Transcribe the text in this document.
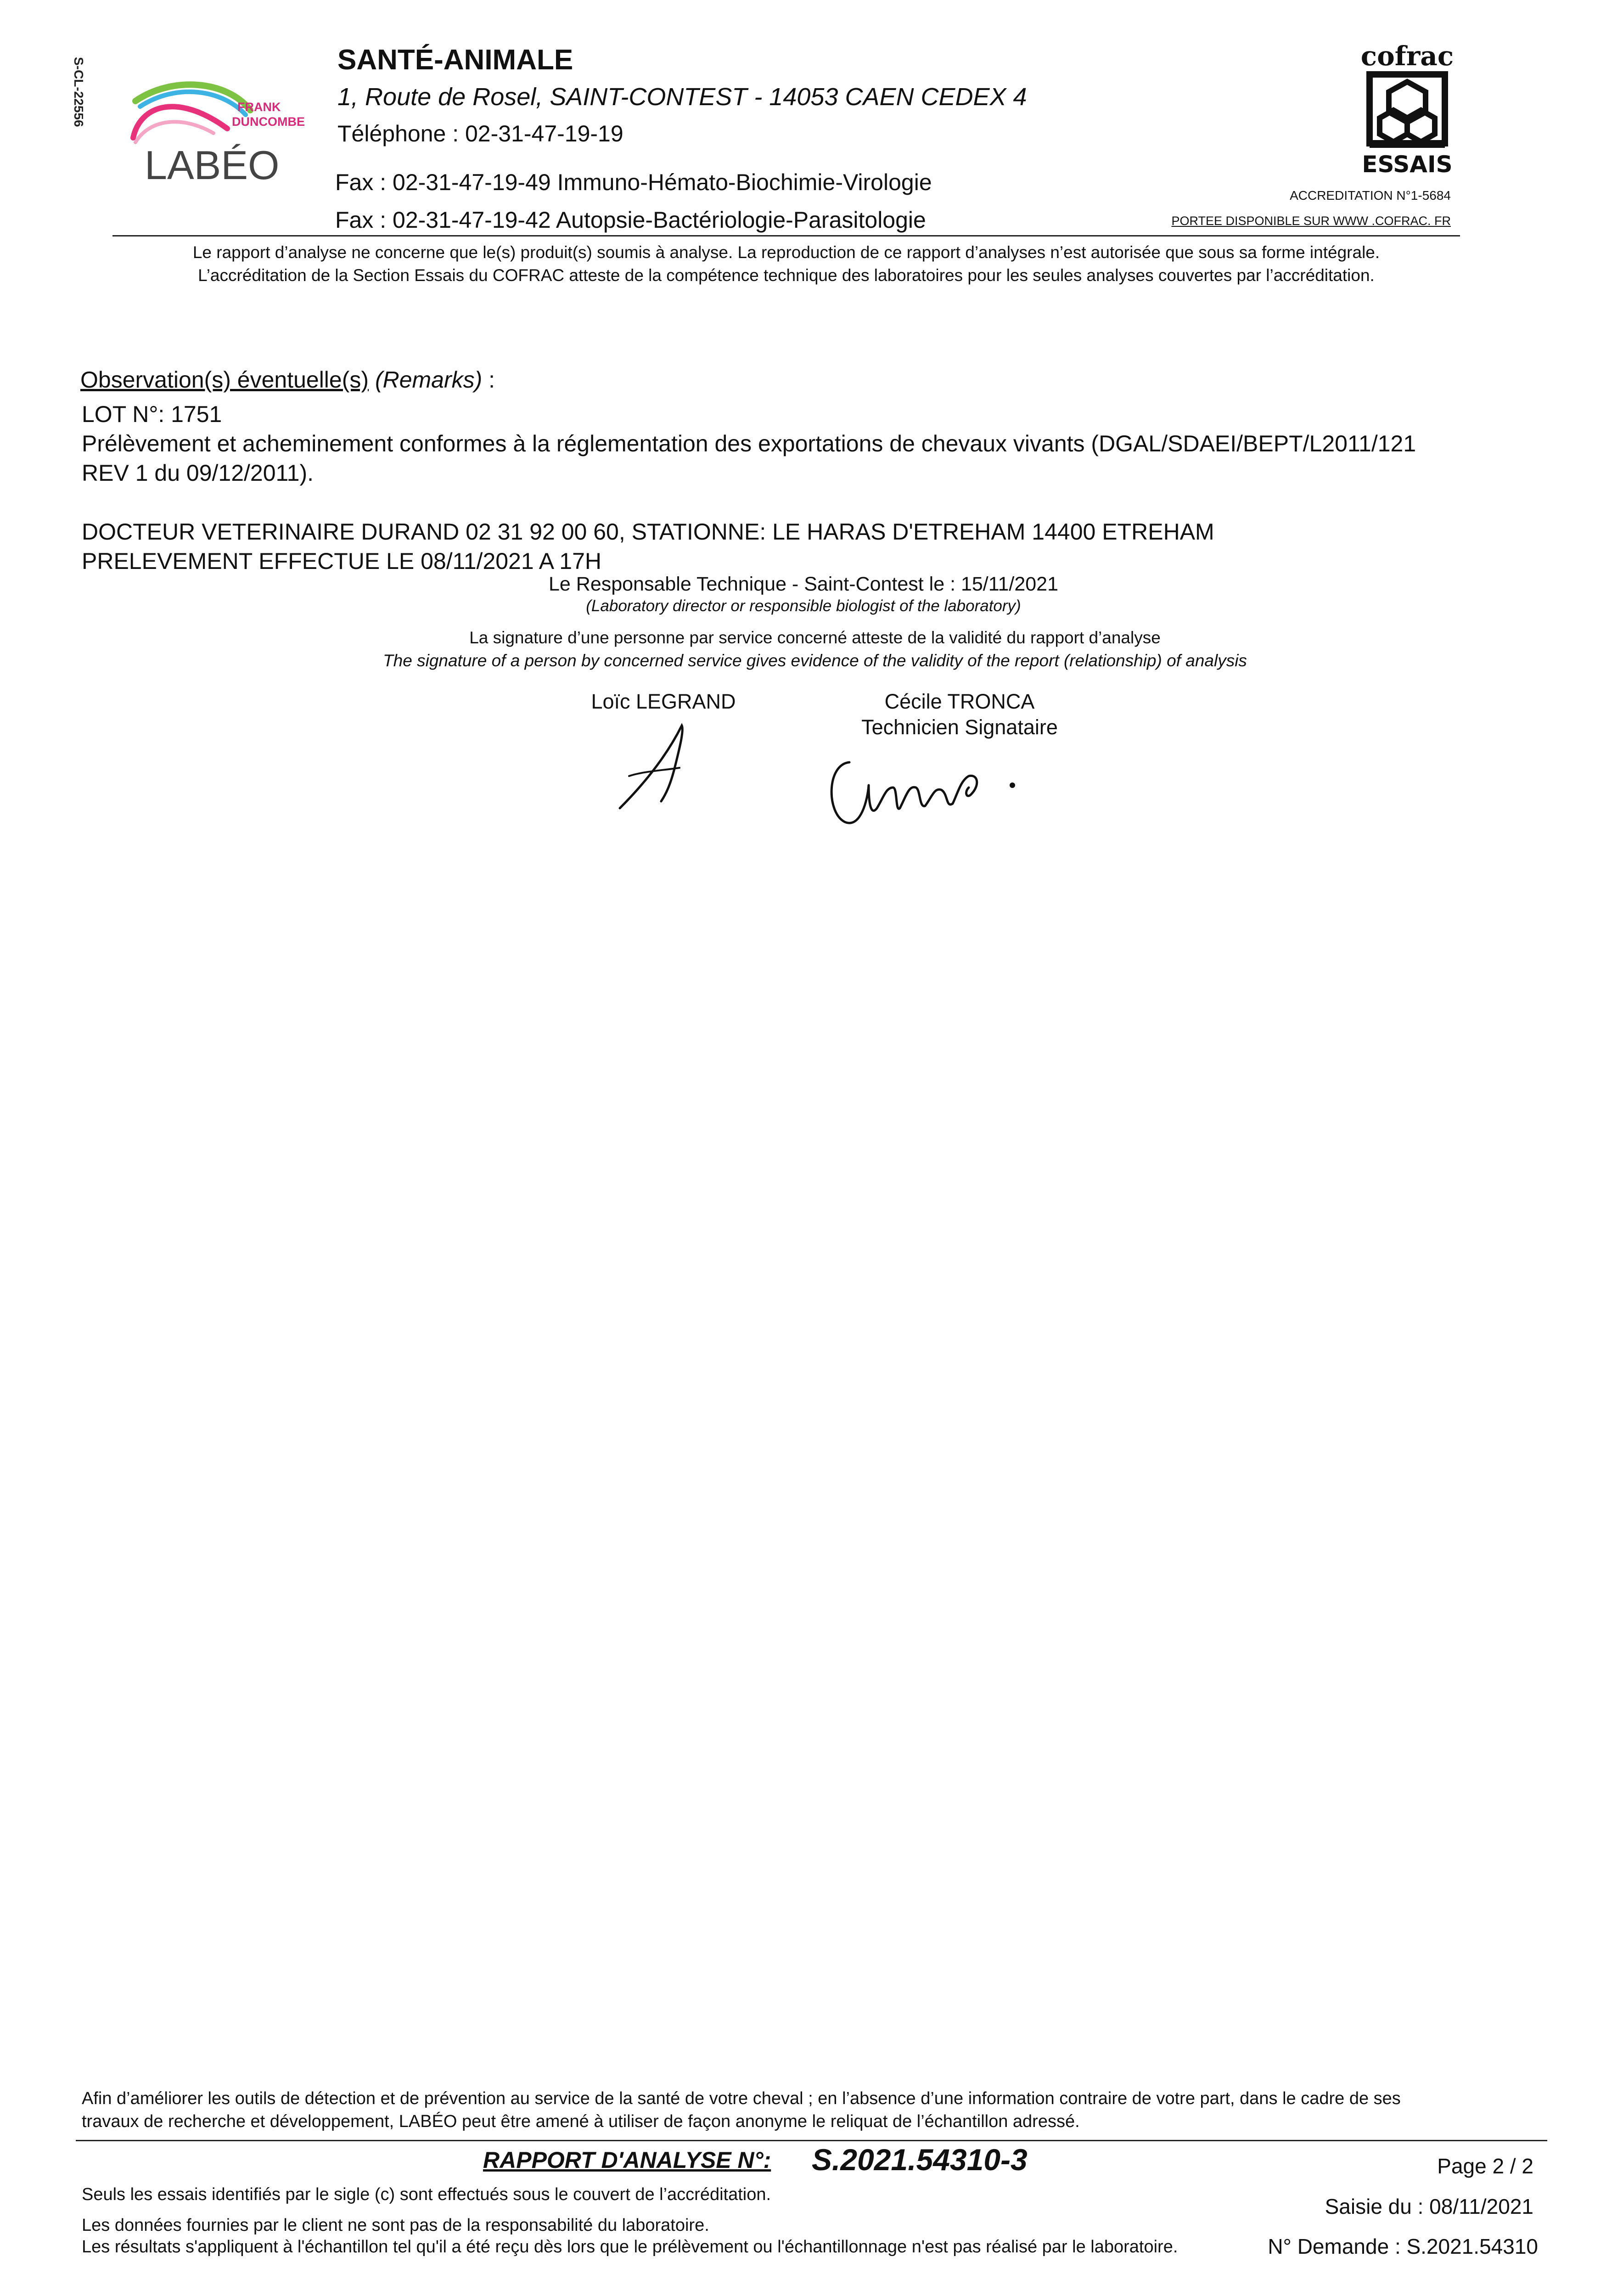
S-CL-22556	FRANK
DUNCOMBE
LABÉO
SANTÉ-ANIMALE
1, Route de Rosel, SAINT-CONTEST - 14053 CAEN CEDEX 4
Téléphone : 02-31-47-19-19
Fax : 02-31-47-19-49 Immuno-Hémato-Biochimie-Virologie
Fax : 02-31-47-19-42 Autopsie-Bactériologie-Parasitologie
cofrac
ESSAIS
ACCREDITATION N°1-5684
PORTEE DISPONIBLE SUR WWW .COFRAC. FR
Le rapport d’analyse ne concerne que le(s) produit(s) soumis à analyse. La reproduction de ce rapport d’analyses n’est autorisée que sous sa forme intégrale.
L’accréditation de la Section Essais du COFRAC atteste de la compétence technique des laboratoires pour les seules analyses couvertes par l’accréditation.
Observation(s) éventuelle(s) (Remarks) :

LOT N°: 1751

Prélèvement et acheminement conformes à la réglementation des exportations de chevaux vivants (DGAL/SDAEI/BEPT/L2011/121

REV 1 du 09/12/2011).

DOCTEUR VETERINAIRE DURAND 02 31 92 00 60, STATIONNE: LE HARAS D'ETREHAM 14400 ETREHAM

PRELEVEMENT EFFECTUE LE 08/11/2021 A 17H

Le Responsable Technique - Saint-Contest le : 15/11/2021
(Laboratory director or responsible biologist of the laboratory)
La signature d’une personne par service concerné atteste de la validité du rapport d’analyse
The signature of a person by concerned service gives evidence of the validity of the report (relationship) of analysis
Loïc LEGRAND	Cécile TRONCA
Technicien Signataire
Afin d’améliorer les outils de détection et de prévention au service de la santé de votre cheval ; en l’absence d’une information contraire de votre part, dans le cadre de ses
travaux de recherche et développement, LABÉO peut être amené à utiliser de façon anonyme le reliquat de l’échantillon adressé.
RAPPORT D'ANALYSE N°: S.2021.54310-3	Page 2 / 2
Saisie du : 08/11/2021
Seuls les essais identifiés par le sigle (c) sont effectués sous le couvert de l’accréditation.
Les données fournies par le client ne sont pas de la responsabilité du laboratoire.
Les résultats s'appliquent à l'échantillon tel qu'il a été reçu dès lors que le prélèvement ou l'échantillonnage n'est pas réalisé par le laboratoire.	N° Demande : S.2021.54310
